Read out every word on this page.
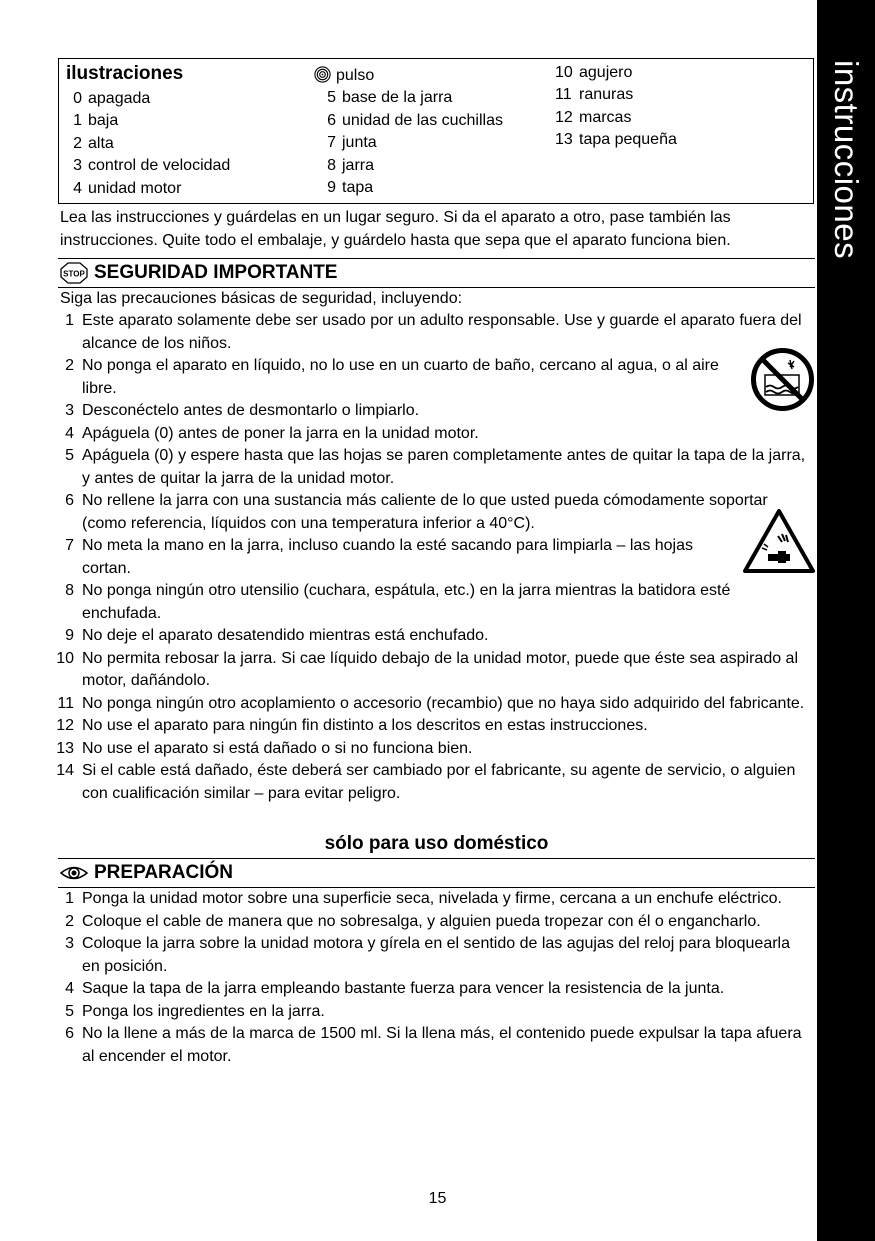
instrucciones
ilustraciones
0 apagada
1 baja
2 alta
3 control de velocidad
4 unidad motor
pulso
5 base de la jarra
6 unidad de las cuchillas
7 junta
8 jarra
9 tapa
10 agujero
11 ranuras
12 marcas
13 tapa pequeña
Lea las instrucciones y guárdelas en un lugar seguro. Si da el aparato a otro, pase también las instrucciones. Quite todo el embalaje, y guárdelo hasta que sepa que el aparato funciona bien.
STOP SEGURIDAD IMPORTANTE
Siga las precauciones básicas de seguridad, incluyendo:
1 Este aparato solamente debe ser usado por un adulto responsable. Use y guarde el aparato fuera del alcance de los niños.
2 No ponga el aparato en líquido, no lo use en un cuarto de baño, cercano al agua, o al aire libre.
3 Desconéctelo antes de desmontarlo o limpiarlo.
4 Apáguela (0) antes de poner la jarra en la unidad motor.
5 Apáguela (0) y espere hasta que las hojas se paren completamente antes de quitar la tapa de la jarra, y antes de quitar la jarra de la unidad motor.
6 No rellene la jarra con una sustancia más caliente de lo que usted pueda cómodamente soportar (como referencia, líquidos con una temperatura inferior a 40°C).
7 No meta la mano en la jarra, incluso cuando la esté sacando para limpiarla – las hojas cortan.
8 No ponga ningún otro utensilio (cuchara, espátula, etc.) en la jarra mientras la batidora esté enchufada.
9 No deje el aparato desatendido mientras está enchufado.
10 No permita rebosar la jarra. Si cae líquido debajo de la unidad motor, puede que éste sea aspirado al motor, dañándolo.
11 No ponga ningún otro acoplamiento o accesorio (recambio) que no haya sido adquirido del fabricante.
12 No use el aparato para ningún fin distinto a los descritos en estas instrucciones.
13 No use el aparato si está dañado o si no funciona bien.
14 Si el cable está dañado, éste deberá ser cambiado por el fabricante, su agente de servicio, o alguien con cualificación similar – para evitar peligro.
sólo para uso doméstico
PREPARACIÓN
1 Ponga la unidad motor sobre una superficie seca, nivelada y firme, cercana a un enchufe eléctrico.
2 Coloque el cable de manera que no sobresalga, y alguien pueda tropezar con él o engancharlo.
3 Coloque la jarra sobre la unidad motora y gírela en el sentido de las agujas del reloj para bloquearla en posición.
4 Saque la tapa de la jarra empleando bastante fuerza para vencer la resistencia de la junta.
5 Ponga los ingredientes en la jarra.
6 No la llene a más de la marca de 1500 ml. Si la llena más, el contenido puede expulsar la tapa afuera al encender el motor.
15
